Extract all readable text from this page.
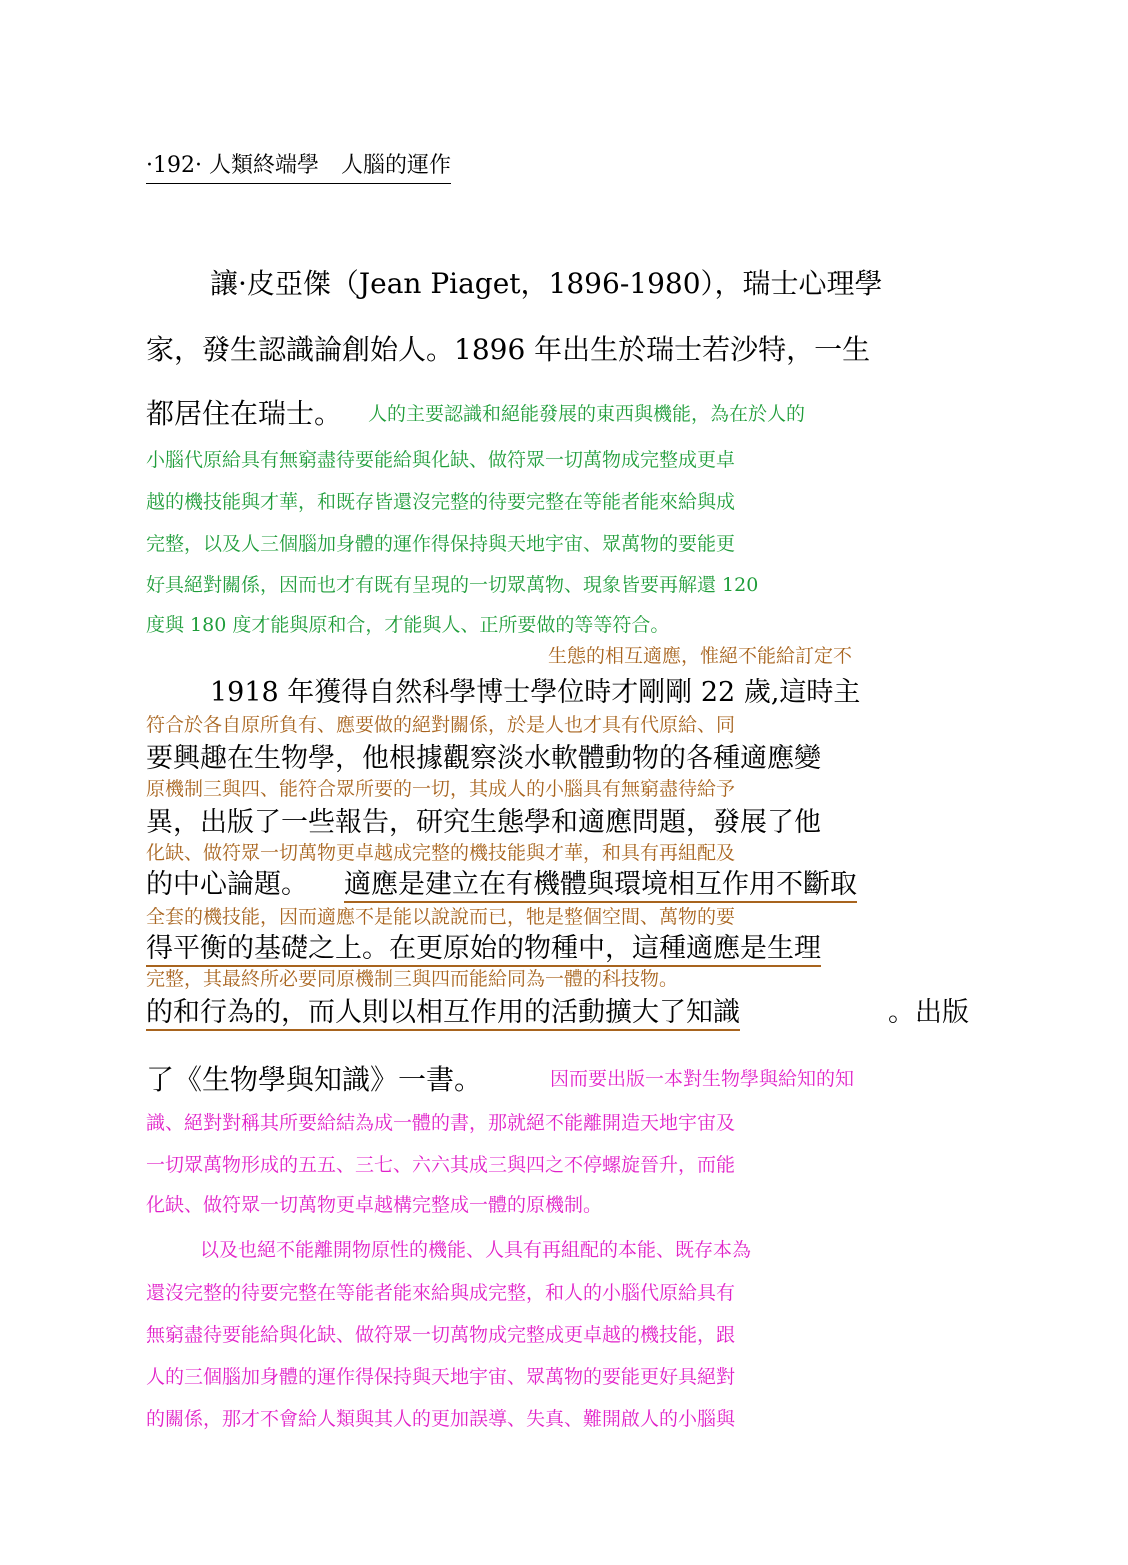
·192· 人類終端學　人腦的運作
讓·皮亞傑（Jean Piaget，1896-1980），瑞士心理學
家，發生認識論創始人。1896 年出生於瑞士若沙特，一生
都居住在瑞士。 人的主要認識和絕能發展的東西與機能，為在於人的
小腦代原給具有無窮盡待要能給與化缺、做符眾一切萬物成完整成更卓
越的機技能與才華，和既存皆還沒完整的待要完整在等能者能來給與成
完整，以及人三個腦加身體的運作得保持與天地宇宙、眾萬物的要能更
好具絕對關係，因而也才有既有呈現的一切眾萬物、現象皆要再解還 120
度與 180 度才能與原和合，才能與人、正所要做的等等符合。
生態的相互適應，惟絕不能給訂定不
1918 年獲得自然科學博士學位時才剛剛 22 歲,這時主
符合於各自原所負有、應要做的絕對關係，於是人也才具有代原給、同
要興趣在生物學，他根據觀察淡水軟體動物的各種適應變
原機制三與四、能符合眾所要的一切，其成人的小腦具有無窮盡待給予
異，出版了一些報告，研究生態學和適應問題，發展了他
化缺、做符眾一切萬物更卓越成完整的機技能與才華，和具有再組配及
的中心論題。 適應是建立在有機體與環境相互作用不斷取
全套的機技能，因而適應不是能以說說而已，牠是整個空間、萬物的要
得平衡的基礎之上。在更原始的物種中，這種適應是生理
完整，其最終所必要同原機制三與四而能給同為一體的科技物。
的和行為的，而人則以相互作用的活動擴大了知識	。出版
了《生物學與知識》一書。	因而要出版一本對生物學與給知的知
識、絕對對稱其所要給結為成一體的書，那就絕不能離開造天地宇宙及
一切眾萬物形成的五五、三七、六六其成三與四之不停螺旋晉升，而能
化缺、做符眾一切萬物更卓越構完整成一體的原機制。
以及也絕不能離開物原性的機能、人具有再組配的本能、既存本為
還沒完整的待要完整在等能者能來給與成完整，和人的小腦代原給具有
無窮盡待要能給與化缺、做符眾一切萬物成完整成更卓越的機技能，跟
人的三個腦加身體的運作得保持與天地宇宙、眾萬物的要能更好具絕對
的關係，那才不會給人類與其人的更加誤導、失真、難開啟人的小腦與
